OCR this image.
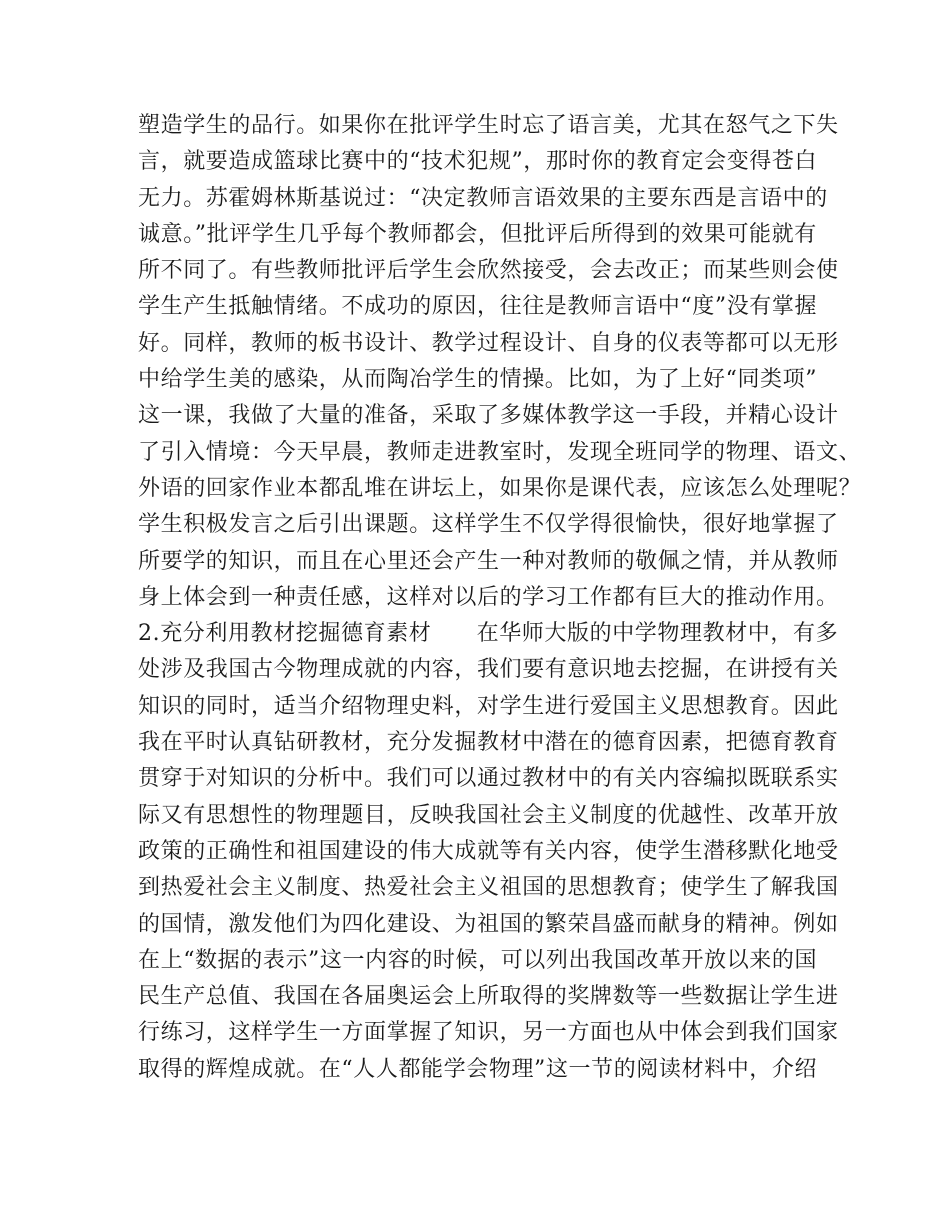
塑造学生的品行。如果你在批评学生时忘了语言美，尤其在怒气之下失
言，就要造成篮球比赛中的“技术犯规”，那时你的教育定会变得苍白
无力。苏霍姆林斯基说过：“决定教师言语效果的主要东西是言语中的
诚意。”批评学生几乎每个教师都会，但批评后所得到的效果可能就有
所不同了。有些教师批评后学生会欣然接受，会去改正；而某些则会使
学生产生抵触情绪。不成功的原因，往往是教师言语中“度”没有掌握
好。同样，教师的板书设计、教学过程设计、自身的仪表等都可以无形
中给学生美的感染，从而陶冶学生的情操。比如，为了上好“同类项”
这一课，我做了大量的准备，采取了多媒体教学这一手段，并精心设计
了引入情境：今天早晨，教师走进教室时，发现全班同学的物理、语文、
外语的回家作业本都乱堆在讲坛上，如果你是课代表，应该怎么处理呢？
学生积极发言之后引出课题。这样学生不仅学得很愉快，很好地掌握了
所要学的知识，而且在心里还会产生一种对教师的敬佩之情，并从教师
身上体会到一种责任感，这样对以后的学习工作都有巨大的推动作用。
2.充分利用教材挖掘德育素材　　在华师大版的中学物理教材中，有多
处涉及我国古今物理成就的内容，我们要有意识地去挖掘，在讲授有关
知识的同时，适当介绍物理史料，对学生进行爱国主义思想教育。因此
我在平时认真钻研教材，充分发掘教材中潜在的德育因素，把德育教育
贯穿于对知识的分析中。我们可以通过教材中的有关内容编拟既联系实
际又有思想性的物理题目，反映我国社会主义制度的优越性、改革开放
政策的正确性和祖国建设的伟大成就等有关内容，使学生潜移默化地受
到热爱社会主义制度、热爱社会主义祖国的思想教育；使学生了解我国
的国情，激发他们为四化建设、为祖国的繁荣昌盛而献身的精神。例如
在上“数据的表示”这一内容的时候，可以列出我国改革开放以来的国
民生产总值、我国在各届奥运会上所取得的奖牌数等一些数据让学生进
行练习，这样学生一方面掌握了知识，另一方面也从中体会到我们国家
取得的辉煌成就。在“人人都能学会物理”这一节的阅读材料中，介绍
